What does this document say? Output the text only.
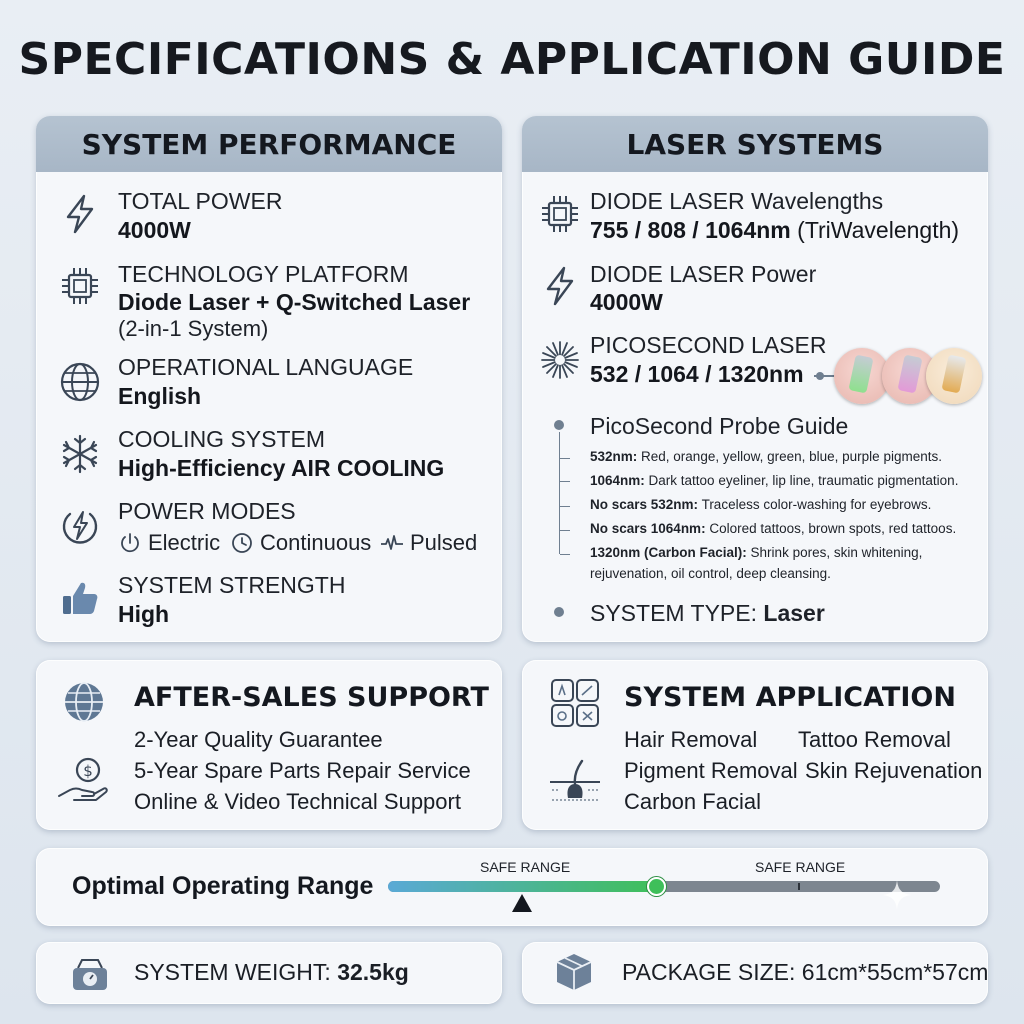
SPECIFICATIONS & APPLICATION GUIDE
SYSTEM PERFORMANCE
TOTAL POWER
4000W
TECHNOLOGY PLATFORM
Diode Laser + Q-Switched Laser
(2-in-1 System)
OPERATIONAL LANGUAGE
English
COOLING SYSTEM
High-Efficiency AIR COOLING
POWER MODES
Electric Continuous Pulsed
SYSTEM STRENGTH
High
LASER SYSTEMS
DIODE LASER Wavelengths
755 / 808 / 1064nm (TriWavelength)
DIODE LASER Power
4000W
PICOSECOND LASER
532 / 1064 / 1320nm
PicoSecond Probe Guide
532nm: Red, orange, yellow, green, blue, purple pigments.
1064nm: Dark tattoo eyeliner, lip line, traumatic pigmentation.
No scars 532nm: Traceless color-washing for eyebrows.
No scars 1064nm: Colored tattoos, brown spots, red tattoos.
1320nm (Carbon Facial): Shrink pores, skin whitening,
rejuvenation, oil control, deep cleansing.
SYSTEM TYPE: Laser
$
AFTER-SALES SUPPORT
2-Year Quality Guarantee
5-Year Spare Parts Repair Service
Online & Video Technical Support
SYSTEM APPLICATION
Hair Removal Tattoo Removal
Pigment Removal Skin Rejuvenation
Carbon Facial
Optimal Operating Range
SAFE RANGE	SAFE RANGE
SYSTEM WEIGHT: 32.5kg	PACKAGE SIZE: 61cm*55cm*57cm
